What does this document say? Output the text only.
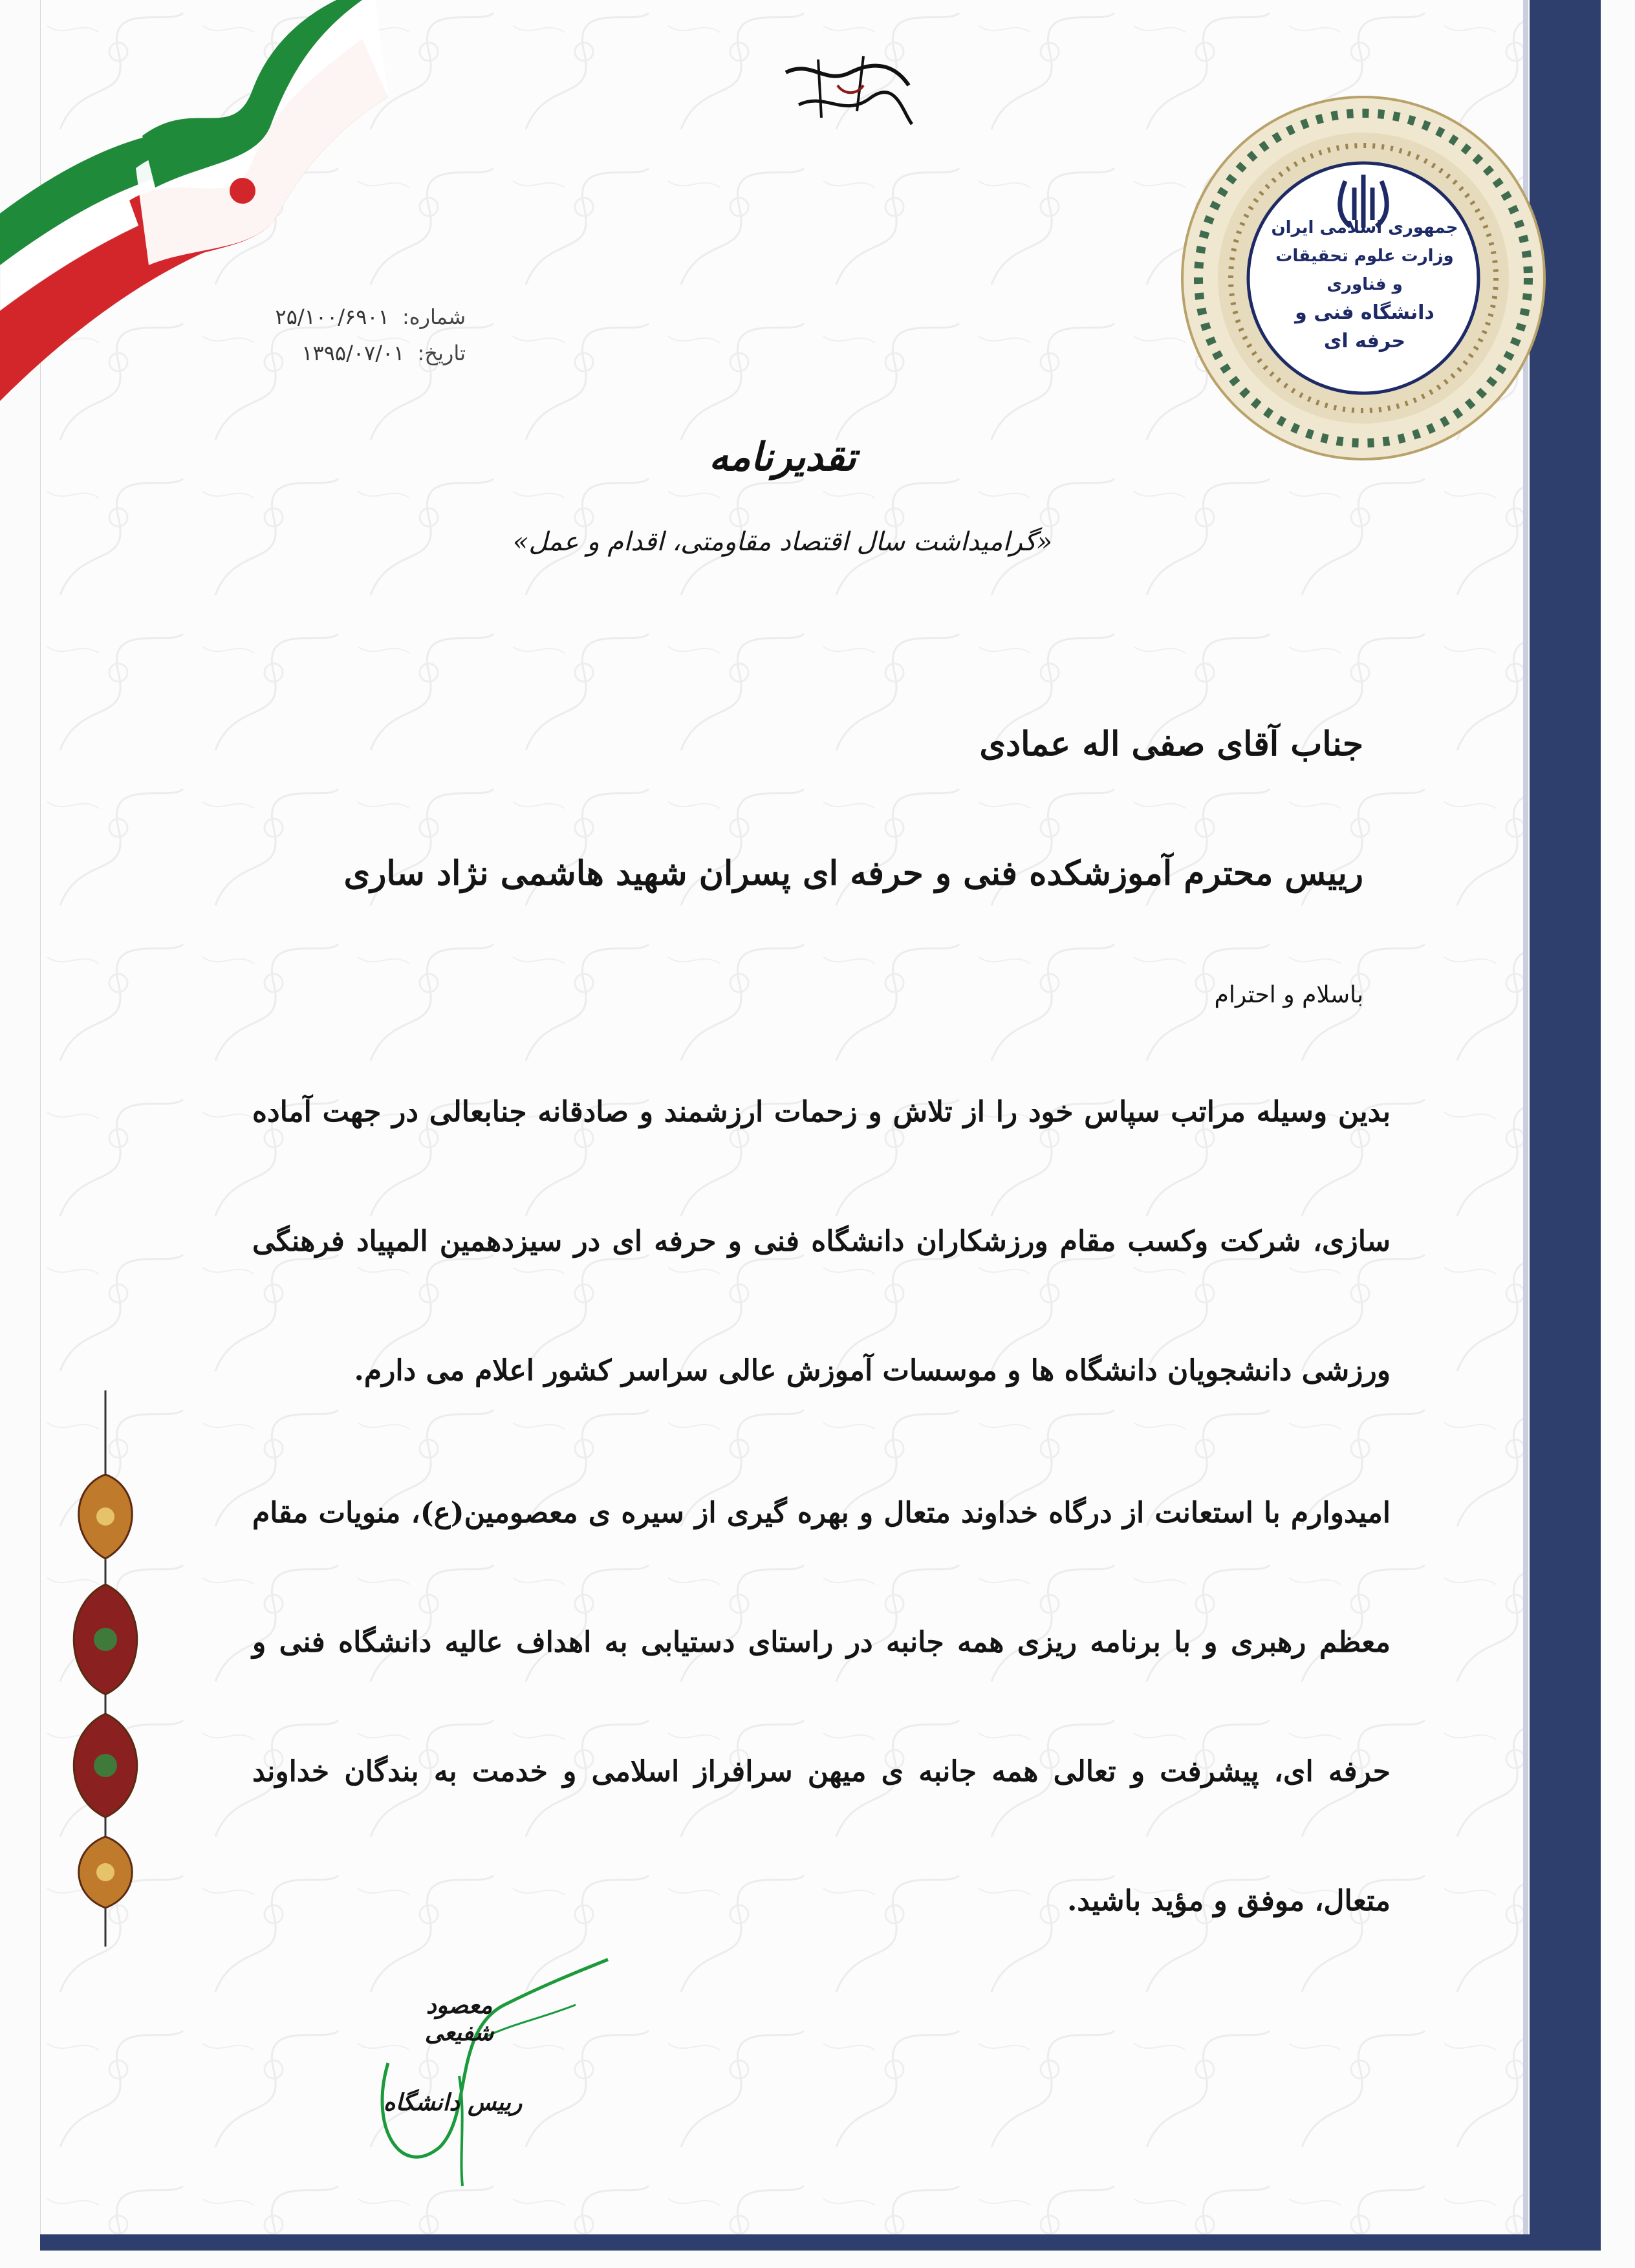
شماره: ۲۵/۱۰۰/۶۹۰۱
تاریخ: ۱۳۹۵/۰۷/۰۱
جمهوری اسلامی ایران
وزارت علوم تحقیقات و فناوری
دانشگاه فنی و حرفه ای
تقدیرنامه
«گرامیداشت سال اقتصاد مقاومتی، اقدام و عمل»
جناب آقای صفی اله عمادی
رییس محترم آموزشکده فنی و حرفه ای پسران شهید هاشمی نژاد ساری
باسلام و احترام
بدین وسیله مراتب سپاس خود را از تلاش و زحمات ارزشمند و صادقانه جنابعالی در جهت آماده سازی، شرکت وکسب مقام ورزشکاران دانشگاه فنی و حرفه ای در سیزدهمین المپیاد فرهنگی ورزشی دانشجویان دانشگاه ها و موسسات آموزش عالی سراسر کشور اعلام می دارم.
امیدوارم با استعانت از درگاه خداوند متعال و بهره گیری از سیره ی معصومین(ع)، منویات مقام معظم رهبری و با برنامه ریزی همه جانبه در راستای دستیابی به اهداف عالیه دانشگاه فنی و حرفه ای، پیشرفت و تعالی همه جانبه ی میهن سرافراز اسلامی و خدمت به بندگان خداوند متعال، موفق و مؤید باشید.
معصود شفیعی
رییس دانشگاه
